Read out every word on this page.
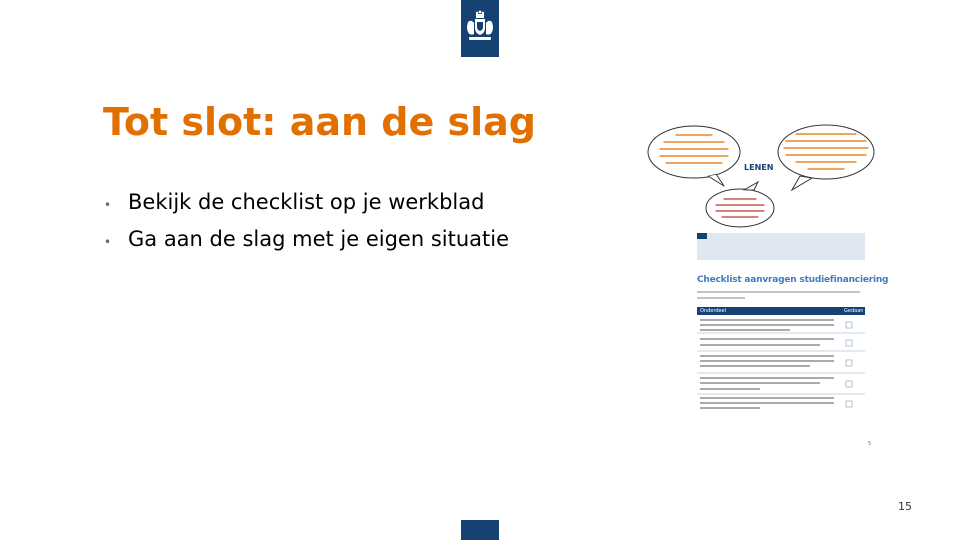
Tot slot: aan de slag
• Bekijk de checklist op je werkblad
• Ga aan de slag met je eigen situatie
LENEN
Checklist aanvragen studiefinanciering
Onderdeel	Gedaan
5
15
